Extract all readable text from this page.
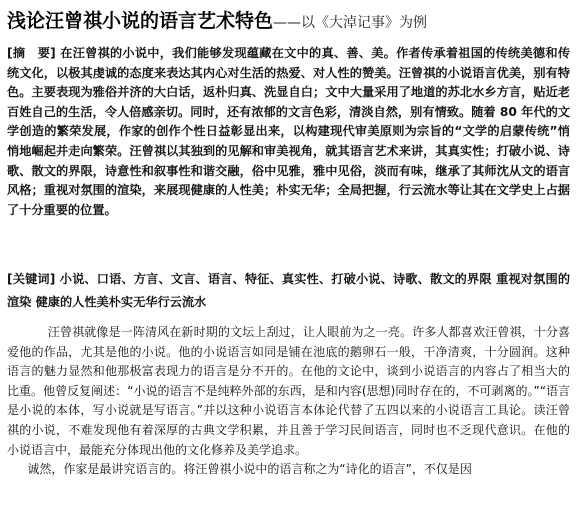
浅论汪曾祺小说的语言艺术特色——以《大淖记事》为例

[摘　要] 在汪曾祺的小说中，我们能够发现蕴藏在文中的真、善、美。作者传承着祖国的传统美德和传统文化，以极其虔诚的态度来表达其内心对生活的热爱、对人性的赞美。汪曾祺的小说语言优美，别有特色。主要表现为雅俗并济的大白话，返朴归真、洗显自白；文中大量采用了地道的苏北水乡方言，贴近老百姓自己的生活，令人倍感亲切。同时，还有浓郁的文言色彩，清淡自然，别有情致。随着 80 年代的文学创造的繁荣发展，作家的创作个性日益彰显出来，以构建现代审美原则为宗旨的“文学的启蒙传统”悄悄地崛起并走向繁荣。汪曾祺以其独到的见解和审美视角，就其语言艺术来讲，其真实性；打破小说、诗歌、散文的界限，诗意性和叙事性和谐交融，俗中见雅，雅中见俗，淡而有味，继承了其师沈从文的语言风格；重视对氛围的渲染，来展现健康的人性美；朴实无华；全局把握，行云流水等让其在文学史上占据了十分重要的位置。

[关键词] 小说、口语、方言、文言、语言、特征、真实性、打破小说、诗歌、散文的界限 重视对氛围的渲染 健康的人性美朴实无华行云流水

汪曾祺就像是一阵清风在新时期的文坛上刮过，让人眼前为之一亮。许多人都喜欢汪曾祺，十分喜爱他的作品，尤其是他的小说。他的小说语言如同是铺在池底的鹅卵石一般，干净清爽，十分圆润。这种语言的魅力显然和他那极富表现力的语言是分不开的。在他的文论中，谈到小说语言的内容占了相当大的比重。他曾反复阐述：“小说的语言不是纯粹外部的东西，是和内容(思想)同时存在的，不可剥离的。”“语言是小说的本体，写小说就是写语言。”并以这种小说语言本体论代替了五四以来的小说语言工具论。读汪曾祺的小说，不难发现他有着深厚的古典文学积累，并且善于学习民间语言，同时也不乏现代意识。在他的小说语言中，最能充分体现出他的文化修养及美学追求。

诚然，作家是最讲究语言的。将汪曾祺小说中的语言称之为“诗化的语言”，不仅是因
